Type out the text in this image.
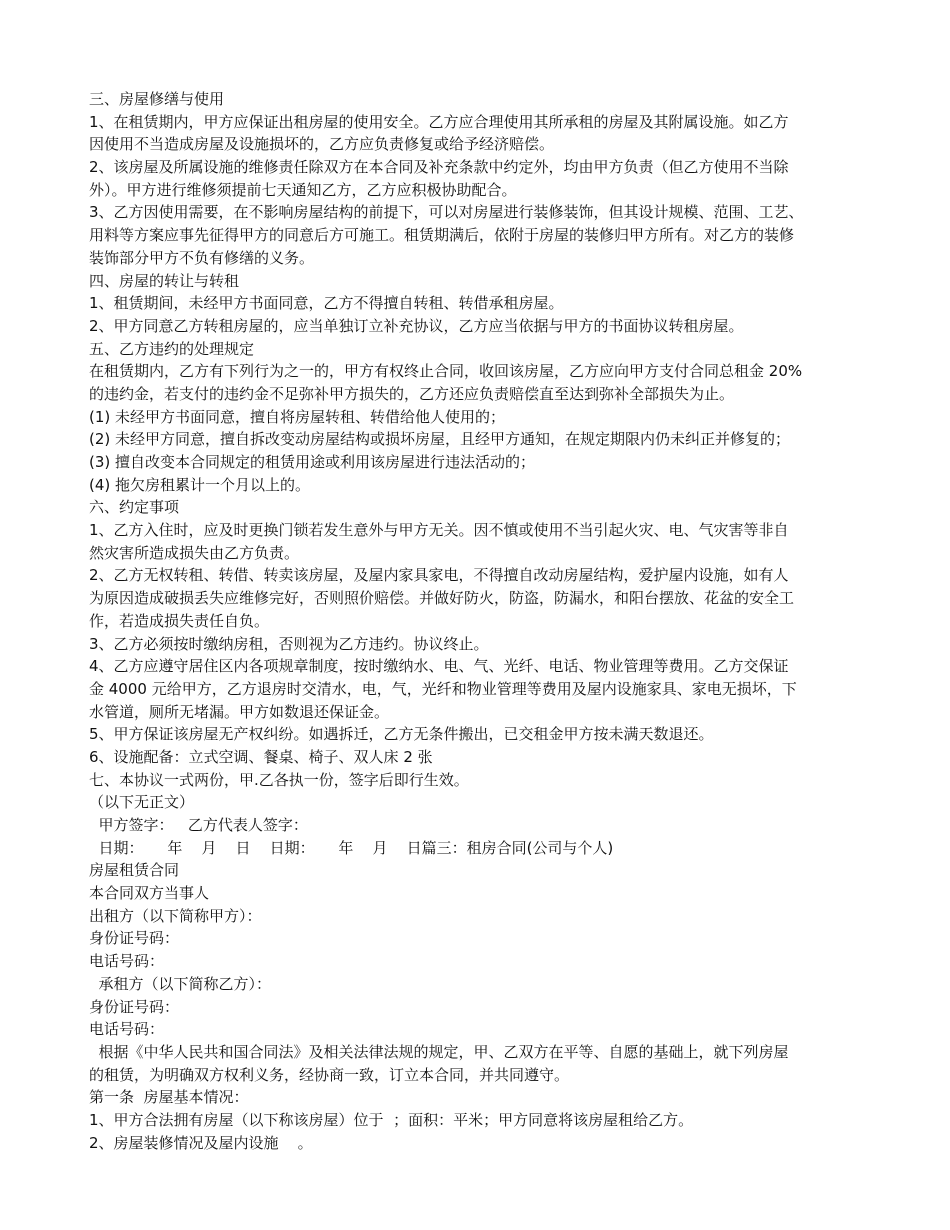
三、房屋修缮与使用
1、在租赁期内，甲方应保证出租房屋的使用安全。乙方应合理使用其所承租的房屋及其附属设施。如乙方
因使用不当造成房屋及设施损坏的，乙方应负责修复或给予经济赔偿。
2、该房屋及所属设施的维修责任除双方在本合同及补充条款中约定外，均由甲方负责（但乙方使用不当除
外）。甲方进行维修须提前七天通知乙方，乙方应积极协助配合。
3、乙方因使用需要，在不影响房屋结构的前提下，可以对房屋进行装修装饰，但其设计规模、范围、工艺、
用料等方案应事先征得甲方的同意后方可施工。租赁期满后，依附于房屋的装修归甲方所有。对乙方的装修
装饰部分甲方不负有修缮的义务。
四、房屋的转让与转租
1、租赁期间，未经甲方书面同意，乙方不得擅自转租、转借承租房屋。
2、甲方同意乙方转租房屋的，应当单独订立补充协议，乙方应当依据与甲方的书面协议转租房屋。
五、乙方违约的处理规定
在租赁期内，乙方有下列行为之一的，甲方有权终止合同，收回该房屋，乙方应向甲方支付合同总租金 20%
的违约金，若支付的违约金不足弥补甲方损失的，乙方还应负责赔偿直至达到弥补全部损失为止。
(1) 未经甲方书面同意，擅自将房屋转租、转借给他人使用的；
(2) 未经甲方同意，擅自拆改变动房屋结构或损坏房屋，且经甲方通知，在规定期限内仍未纠正并修复的；
(3) 擅自改变本合同规定的租赁用途或利用该房屋进行违法活动的；
(4) 拖欠房租累计一个月以上的。
六、约定事项
1、乙方入住时，应及时更换门锁若发生意外与甲方无关。因不慎或使用不当引起火灾、电、气灾害等非自
然灾害所造成损失由乙方负责。
2、乙方无权转租、转借、转卖该房屋，及屋内家具家电，不得擅自改动房屋结构，爱护屋内设施，如有人
为原因造成破损丢失应维修完好，否则照价赔偿。并做好防火，防盗，防漏水，和阳台摆放、花盆的安全工
作，若造成损失责任自负。
3、乙方必须按时缴纳房租，否则视为乙方违约。协议终止。
4、乙方应遵守居住区内各项规章制度，按时缴纳水、电、气、光纤、电话、物业管理等费用。乙方交保证
金 4000 元给甲方，乙方退房时交清水，电，气，光纤和物业管理等费用及屋内设施家具、家电无损坏，下
水管道，厕所无堵漏。甲方如数退还保证金。
5、甲方保证该房屋无产权纠纷。如遇拆迁，乙方无条件搬出，已交租金甲方按未满天数退还。
6、设施配备：立式空调、餐桌、椅子、双人床 2 张
七、本协议一式两份，甲.乙各执一份，签字后即行生效。
（以下无正文）
甲方签字：   乙方代表人签字：
日期：     年    月    日    日期：     年    月    日篇三：租房合同(公司与个人)
房屋租赁合同
本合同双方当事人
出租方（以下简称甲方）：
身份证号码：
电话号码：
承租方（以下简称乙方）：
身份证号码：
电话号码：
根据《中华人民共和国合同法》及相关法律法规的规定，甲、乙双方在平等、自愿的基础上，就下列房屋
的租赁，为明确双方权利义务，经协商一致，订立本合同，并共同遵守。
第一条  房屋基本情况：
1、甲方合法拥有房屋（以下称该房屋）位于  ；面积：平米；甲方同意将该房屋租给乙方。
2、房屋装修情况及屋内设施    。
